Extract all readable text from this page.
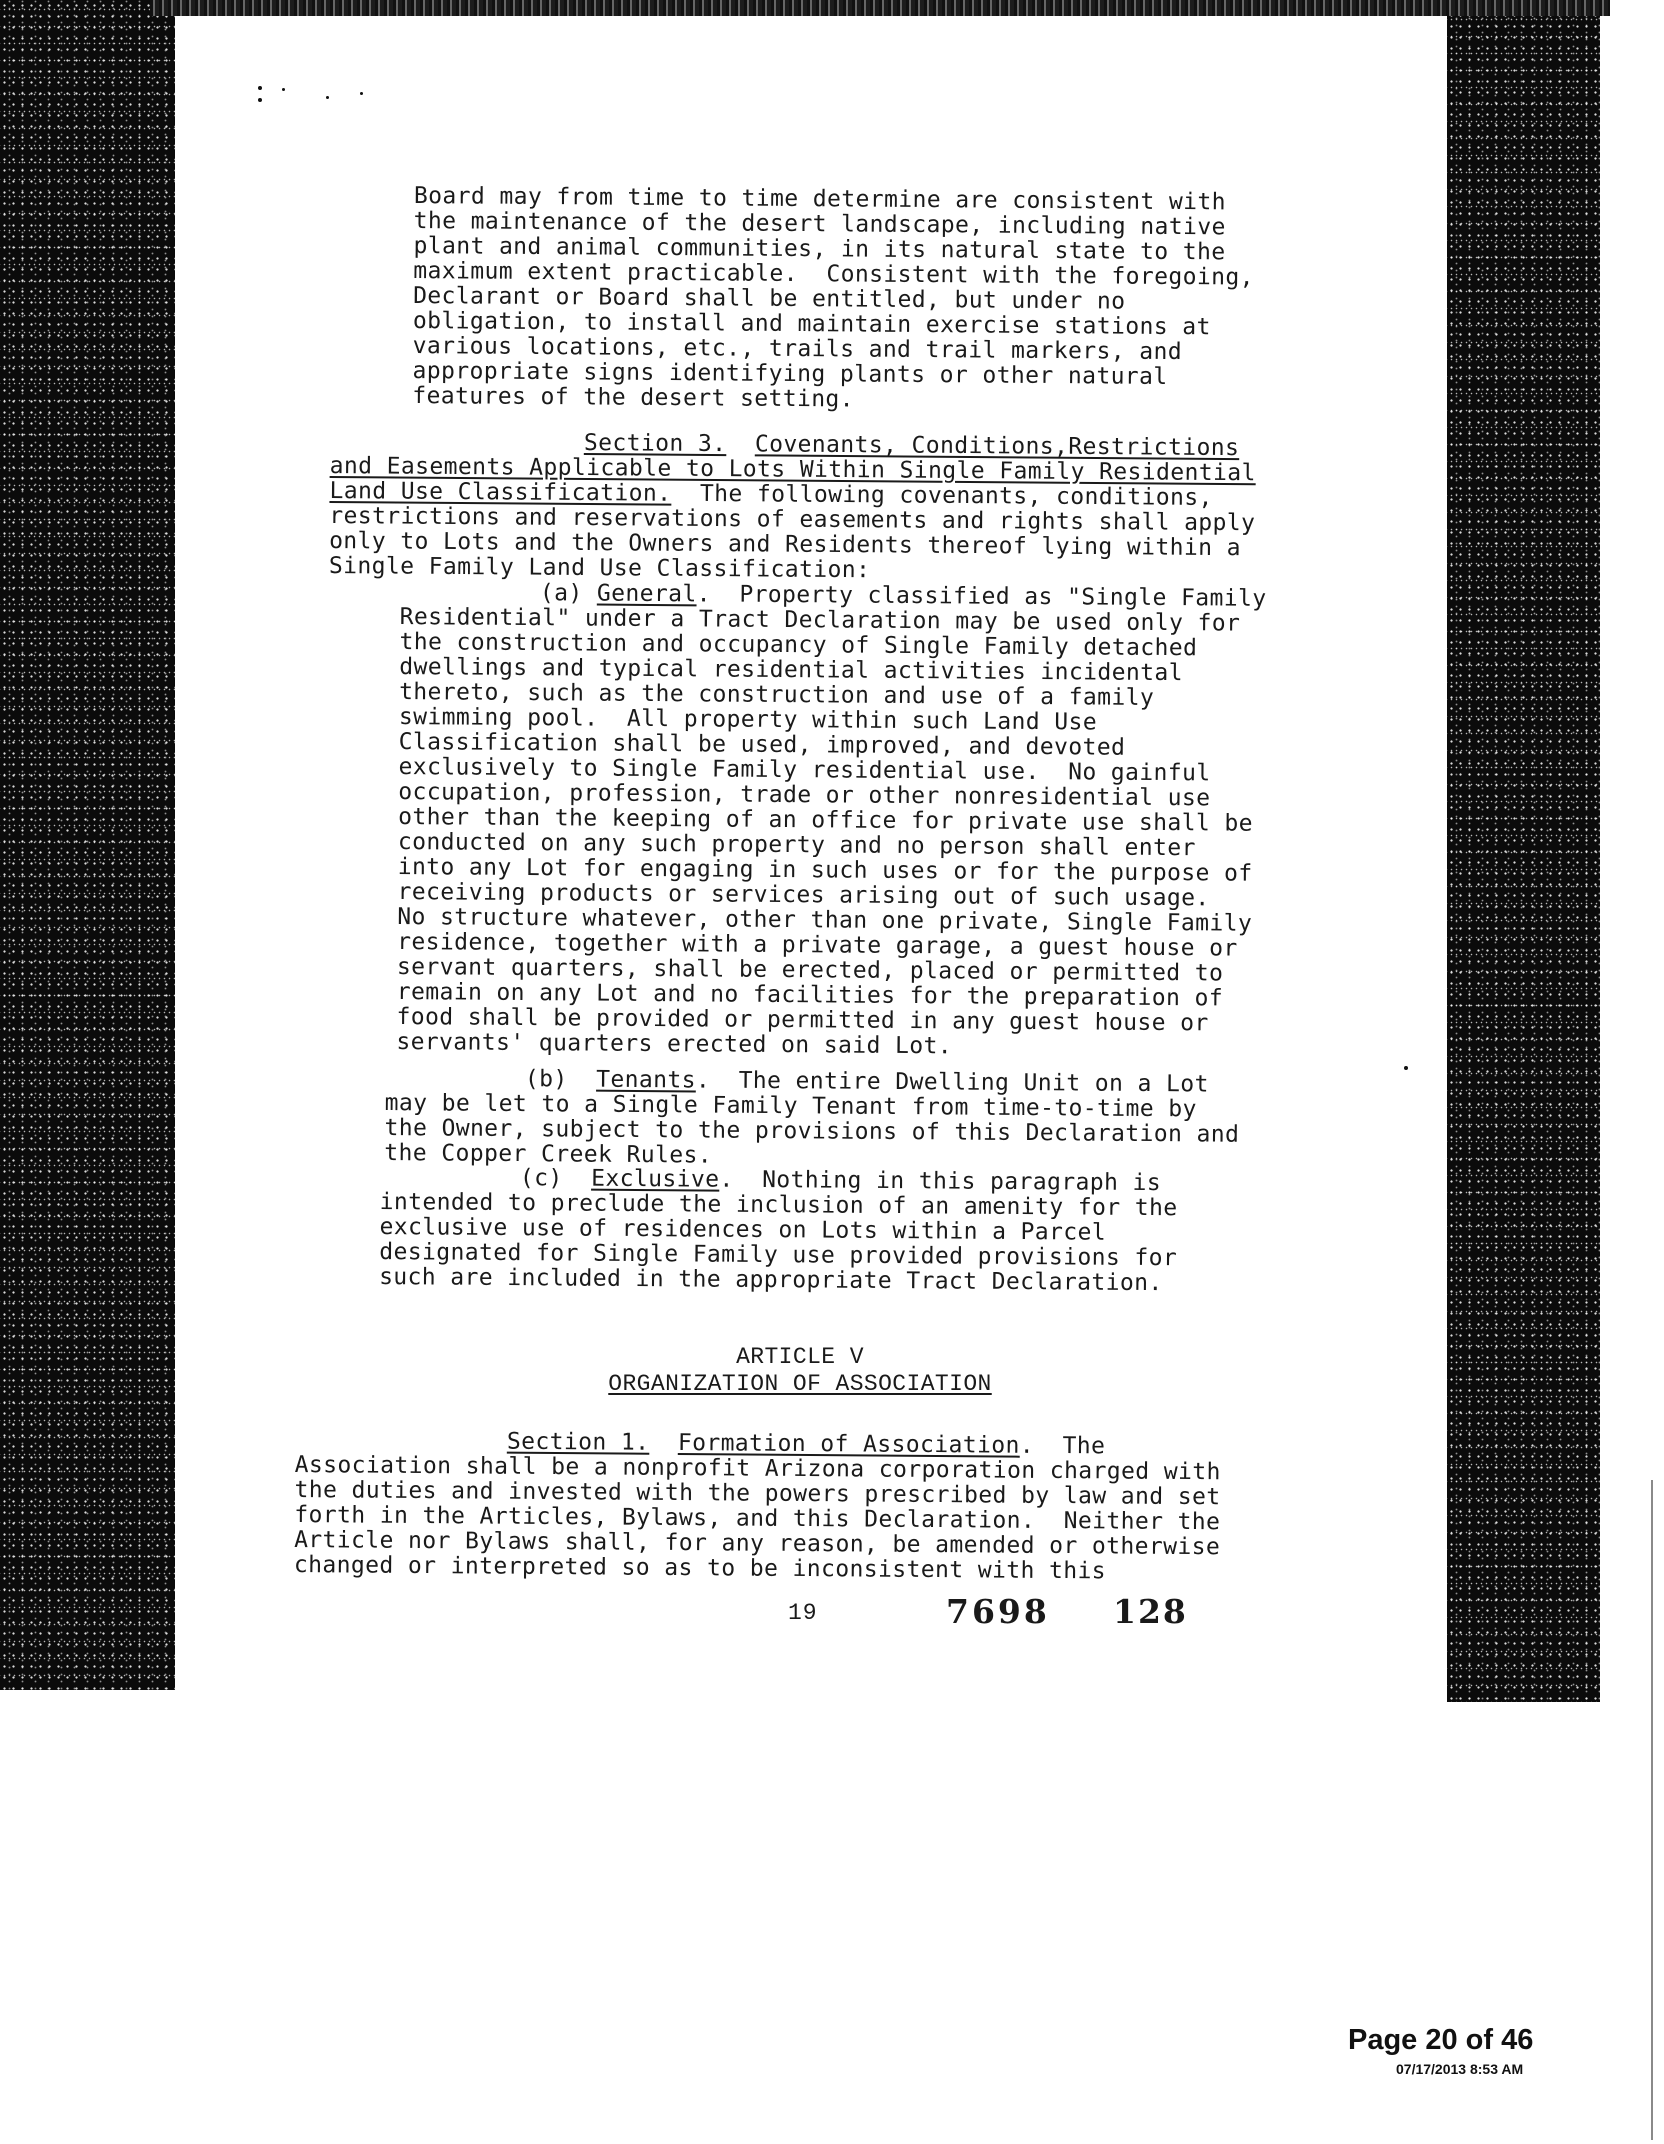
Board may from time to time determine are consistent with
the maintenance of the desert landscape, including native
plant and animal communities, in its natural state to the
maximum extent practicable.  Consistent with the foregoing,
Declarant or Board shall be entitled, but under no
obligation, to install and maintain exercise stations at
various locations, etc., trails and trail markers, and
appropriate signs identifying plants or other natural
features of the desert setting.
Section 3. Covenants, Conditions,Restrictions
and Easements Applicable to Lots Within Single Family Residential
Land Use Classification.  The following covenants, conditions,
restrictions and reservations of easements and rights shall apply
only to Lots and the Owners and Residents thereof lying within a
Single Family Land Use Classification:
(a) General.  Property classified as "Single Family
Residential" under a Tract Declaration may be used only for
the construction and occupancy of Single Family detached
dwellings and typical residential activities incidental
thereto, such as the construction and use of a family
swimming pool.  All property within such Land Use
Classification shall be used, improved, and devoted
exclusively to Single Family residential use.  No gainful
occupation, profession, trade or other nonresidential use
other than the keeping of an office for private use shall be
conducted on any such property and no person shall enter
into any Lot for engaging in such uses or for the purpose of
receiving products or services arising out of such usage.
No structure whatever, other than one private, Single Family
residence, together with a private garage, a guest house or
servant quarters, shall be erected, placed or permitted to
remain on any Lot and no facilities for the preparation of
food shall be provided or permitted in any guest house or
servants' quarters erected on said Lot.
(b)  Tenants.  The entire Dwelling Unit on a Lot
may be let to a Single Family Tenant from time-to-time by
the Owner, subject to the provisions of this Declaration and
the Copper Creek Rules.
(c)  Exclusive.  Nothing in this paragraph is
intended to preclude the inclusion of an amenity for the
exclusive use of residences on Lots within a Parcel
designated for Single Family use provided provisions for
such are included in the appropriate Tract Declaration.
ARTICLE V
ORGANIZATION OF ASSOCIATION
Section 1. Formation of Association.  The
Association shall be a nonprofit Arizona corporation charged with
the duties and invested with the powers prescribed by law and set
forth in the Articles, Bylaws, and this Declaration.  Neither the
Article nor Bylaws shall, for any reason, be amended or otherwise
changed or interpreted so as to be inconsistent with this
19	7698 128
Page 20 of 46
07/17/2013 8:53 AM
